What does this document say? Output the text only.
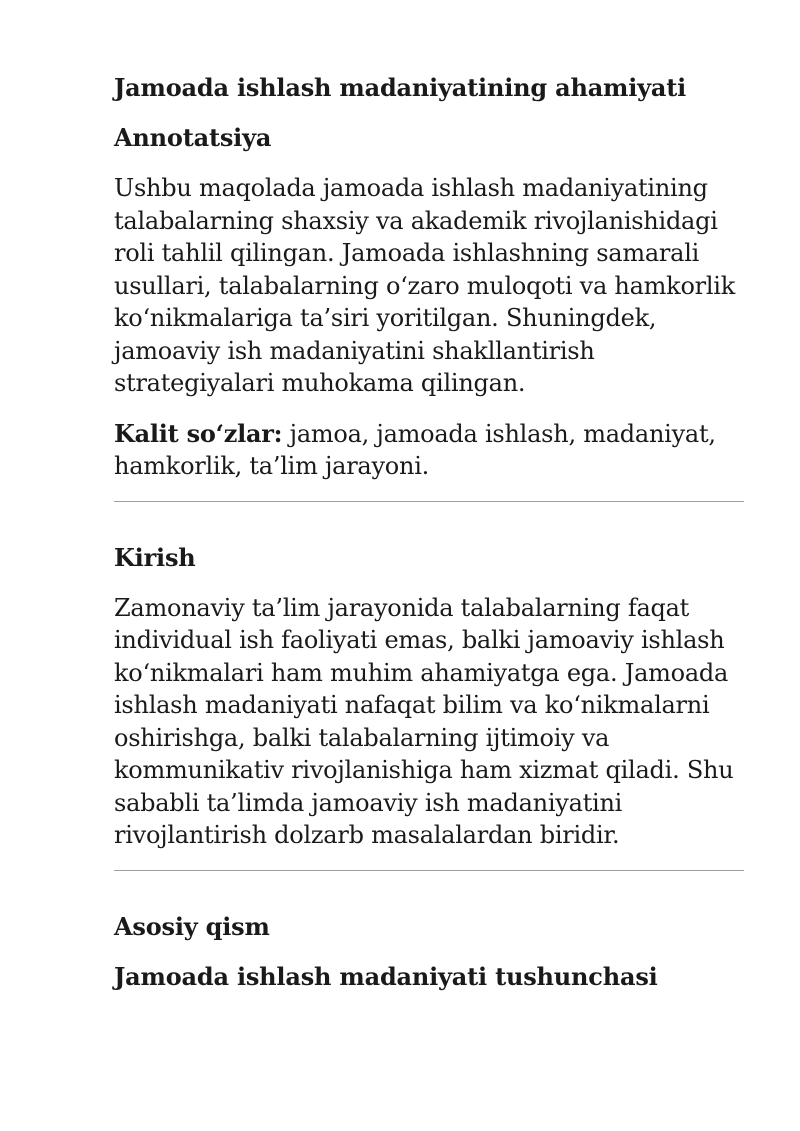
Jamoada ishlash madaniyatining ahamiyati
Annotatsiya

Ushbu maqolada jamoada ishlash madaniyatining talabalarning shaxsiy va akademik rivojlanishidagi roli tahlil qilingan. Jamoada ishlashning samarali usullari, talabalarning o‘zaro muloqoti va hamkorlik ko‘nikmalariga ta’siri yoritilgan. Shuningdek, jamoaviy ish madaniyatini shakllantirish strategiyalari muhokama qilingan.

Kalit so‘zlar: jamoa, jamoada ishlash, madaniyat, hamkorlik, ta’lim jarayoni.

Kirish

Zamonaviy ta’lim jarayonida talabalarning faqat individual ish faoliyati emas, balki jamoaviy ishlash ko‘nikmalari ham muhim ahamiyatga ega. Jamoada ishlash madaniyati nafaqat bilim va ko‘nikmalarni oshirishga, balki talabalarning ijtimoiy va kommunikativ rivojlanishiga ham xizmat qiladi. Shu sababli ta’limda jamoaviy ish madaniyatini rivojlantirish dolzarb masalalardan biridir.

Asosiy qism
Jamoada ishlash madaniyati tushunchasi
